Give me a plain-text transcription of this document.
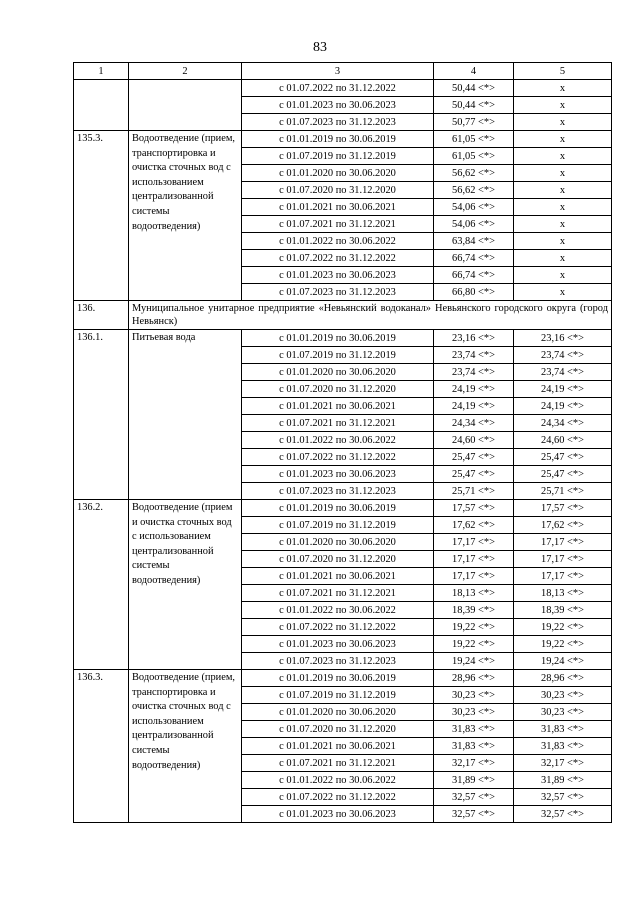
83
1	2	3	4	5
		с 01.07.2022 по 31.12.2022	50,44 <*>	x
		с 01.01.2023 по 30.06.2023	50,44 <*>	x
		с 01.07.2023 по 31.12.2023	50,77 <*>	x
135.3.	Водоотведение (прием, транспортировка и очистка сточных вод с использованием централизованной системы водоотведения)	с 01.01.2019 по 30.06.2019	61,05 <*>	x
		с 01.07.2019 по 31.12.2019	61,05 <*>	x
		с 01.01.2020 по 30.06.2020	56,62 <*>	x
		с 01.07.2020 по 31.12.2020	56,62 <*>	x
		с 01.01.2021 по 30.06.2021	54,06 <*>	x
		с 01.07.2021 по 31.12.2021	54,06 <*>	x
		с 01.01.2022 по 30.06.2022	63,84 <*>	x
		с 01.07.2022 по 31.12.2022	66,74 <*>	x
		с 01.01.2023 по 30.06.2023	66,74 <*>	x
		с 01.07.2023 по 31.12.2023	66,80 <*>	x
136.	Муниципальное унитарное предприятие «Невьянский водоканал» Невьянского городского округа (город Невьянск)			
136.1.	Питьевая вода	с 01.01.2019 по 30.06.2019	23,16 <*>	23,16 <*>
		с 01.07.2019 по 31.12.2019	23,74 <*>	23,74 <*>
		с 01.01.2020 по 30.06.2020	23,74 <*>	23,74 <*>
		с 01.07.2020 по 31.12.2020	24,19 <*>	24,19 <*>
		с 01.01.2021 по 30.06.2021	24,19 <*>	24,19 <*>
		с 01.07.2021 по 31.12.2021	24,34 <*>	24,34 <*>
		с 01.01.2022 по 30.06.2022	24,60 <*>	24,60 <*>
		с 01.07.2022 по 31.12.2022	25,47 <*>	25,47 <*>
		с 01.01.2023 по 30.06.2023	25,47 <*>	25,47 <*>
		с 01.07.2023 по 31.12.2023	25,71 <*>	25,71 <*>
136.2.	Водоотведение (прием и очистка сточных вод с использованием централизованной системы водоотведения)	с 01.01.2019 по 30.06.2019	17,57 <*>	17,57 <*>
		с 01.07.2019 по 31.12.2019	17,62 <*>	17,62 <*>
		с 01.01.2020 по 30.06.2020	17,17 <*>	17,17 <*>
		с 01.07.2020 по 31.12.2020	17,17 <*>	17,17 <*>
		с 01.01.2021 по 30.06.2021	17,17 <*>	17,17 <*>
		с 01.07.2021 по 31.12.2021	18,13 <*>	18,13 <*>
		с 01.01.2022 по 30.06.2022	18,39 <*>	18,39 <*>
		с 01.07.2022 по 31.12.2022	19,22 <*>	19,22 <*>
		с 01.01.2023 по 30.06.2023	19,22 <*>	19,22 <*>
		с 01.07.2023 по 31.12.2023	19,24 <*>	19,24 <*>
136.3.	Водоотведение (прием, транспортировка и очистка сточных вод с использованием централизованной системы водоотведения)	с 01.01.2019 по 30.06.2019	28,96 <*>	28,96 <*>
		с 01.07.2019 по 31.12.2019	30,23 <*>	30,23 <*>
		с 01.01.2020 по 30.06.2020	30,23 <*>	30,23 <*>
		с 01.07.2020 по 31.12.2020	31,83 <*>	31,83 <*>
		с 01.01.2021 по 30.06.2021	31,83 <*>	31,83 <*>
		с 01.07.2021 по 31.12.2021	32,17 <*>	32,17 <*>
		с 01.01.2022 по 30.06.2022	31,89 <*>	31,89 <*>
		с 01.07.2022 по 31.12.2022	32,57 <*>	32,57 <*>
		с 01.01.2023 по 30.06.2023	32,57 <*>	32,57 <*>
